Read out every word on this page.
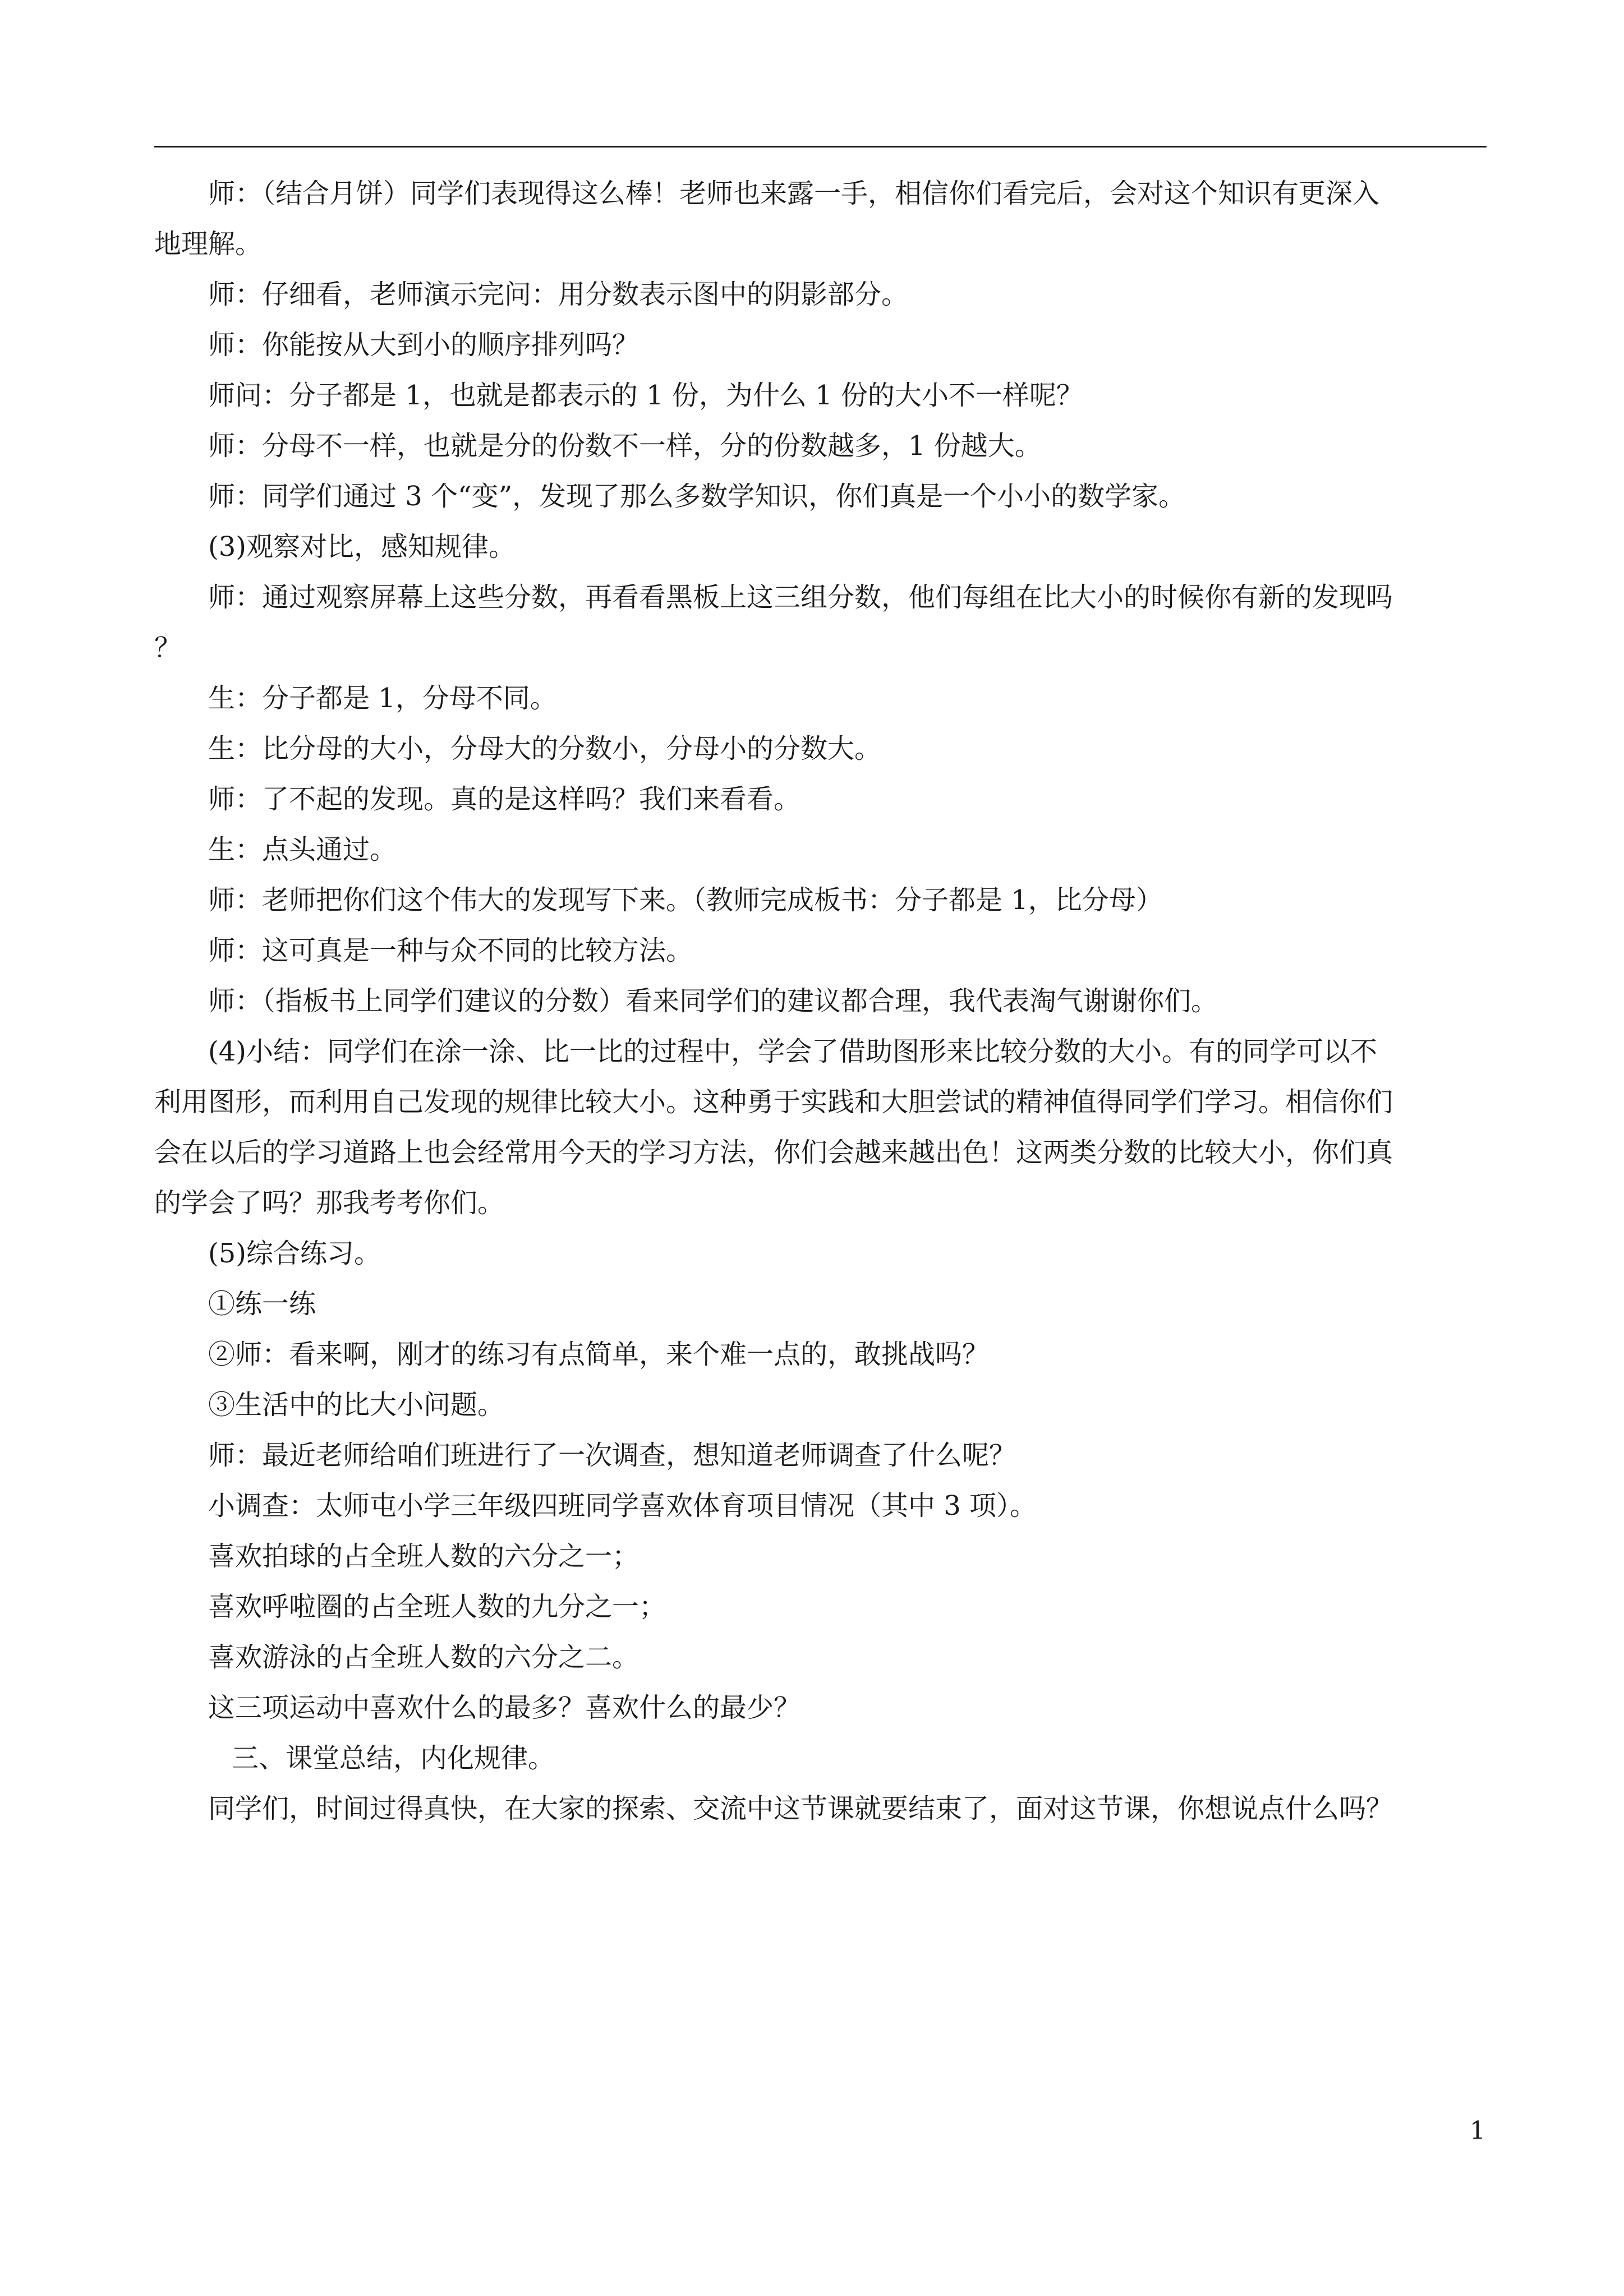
师：（结合月饼）同学们表现得这么棒！老师也来露一手，相信你们看完后，会对这个知识有更深入
地理解。
师：仔细看，老师演示完问：用分数表示图中的阴影部分。
师：你能按从大到小的顺序排列吗？
师问：分子都是 1，也就是都表示的 1 份，为什么 1 份的大小不一样呢？
师：分母不一样，也就是分的份数不一样，分的份数越多，1 份越大。
师：同学们通过 3 个“变”，发现了那么多数学知识，你们真是一个小小的数学家。
(3)观察对比，感知规律。
师：通过观察屏幕上这些分数，再看看黑板上这三组分数，他们每组在比大小的时候你有新的发现吗
？
生：分子都是 1，分母不同。
生：比分母的大小，分母大的分数小，分母小的分数大。
师：了不起的发现。真的是这样吗？我们来看看。
生：点头通过。
师：老师把你们这个伟大的发现写下来。（教师完成板书：分子都是 1，比分母）
师：这可真是一种与众不同的比较方法。
师：（指板书上同学们建议的分数）看来同学们的建议都合理，我代表淘气谢谢你们。
(4)小结：同学们在涂一涂、比一比的过程中，学会了借助图形来比较分数的大小。有的同学可以不
利用图形，而利用自己发现的规律比较大小。这种勇于实践和大胆尝试的精神值得同学们学习。相信你们
会在以后的学习道路上也会经常用今天的学习方法，你们会越来越出色！这两类分数的比较大小，你们真
的学会了吗？那我考考你们。
(5)综合练习。
①练一练
②师：看来啊，刚才的练习有点简单，来个难一点的，敢挑战吗？
③生活中的比大小问题。
师：最近老师给咱们班进行了一次调查，想知道老师调查了什么呢？
小调查：太师屯小学三年级四班同学喜欢体育项目情况（其中 3 项）。
喜欢拍球的占全班人数的六分之一；
喜欢呼啦圈的占全班人数的九分之一；
喜欢游泳的占全班人数的六分之二。
这三项运动中喜欢什么的最多？喜欢什么的最少？
三、课堂总结，内化规律。
同学们，时间过得真快，在大家的探索、交流中这节课就要结束了，面对这节课，你想说点什么吗？
1
